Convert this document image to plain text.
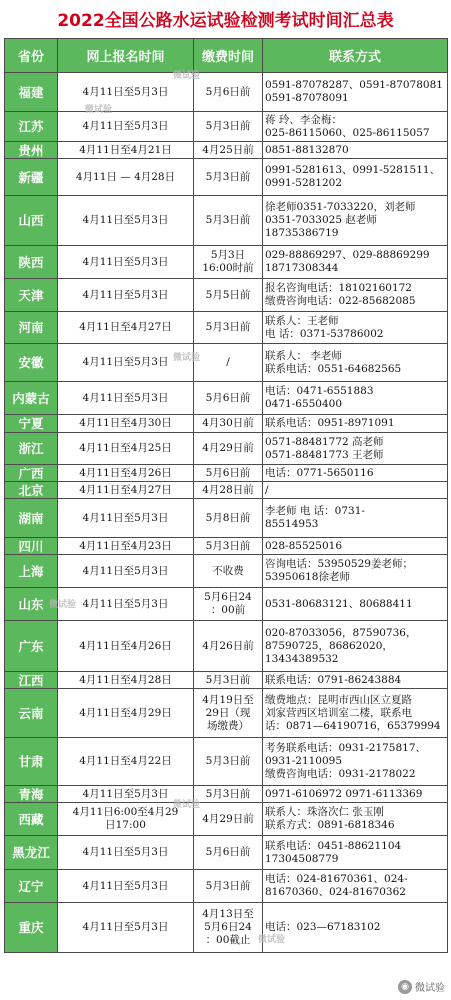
2022全国公路水运试验检测考试时间汇总表
省份	网上报名时间	缴费时间	联系方式
福建	4月11日至5月3日	5月6日前	0591-87078287、0591-87078081
0591-87078091
江苏	4月11日至5月3日	5月3日前	蒋 玲、李金梅：
025-86115060、025-86115057
贵州	4月11日至4月21日	4月25日前	0851-88132870
新疆	4月11日 — 4月28日	5月3日前	0991-5281613、0991-5281511、
0991-5281202
山西	4月11日至5月3日	5月3日前	徐老师0351-7033220，刘老师
0351-7033025 赵老师
18735386719
陕西	4月11日至5月3日	5月3日
16:00时前	029-88869297、029-88869299
18717308344
天津	4月11日至5月3日	5月5日前	报名咨询电话：18102160172
缴费咨询电话：022-85682085
河南	4月11日至4月27日	5月3日前	联系人：王老师
电 话：0371-53786002
安徽	4月11日至5月3日	/	联系人： 李老师
联系电话：0551-64682565
内蒙古	4月11日至5月3日	5月6日前	电话：0471-6551883
0471-6550400
宁夏	4月11日至4月30日	4月30日前	联系电话：0951-8971091
浙江	4月11日至4月25日	4月29日前	0571-88481772 高老师
0571-88481773 王老师
广西	4月11日至4月26日	5月6日前	电话：0771-5650116
北京	4月11日至4月27日	4月28日前	/
湖南	4月11日至5月3日	5月8日前	李老师 电 话：0731-
85514953
四川	4月11日至4月23日	5月3日前	028-85525016
上海	4月11日至5月3日	不收费	咨询电话：53950529姜老师；
53950618徐老师
山东	4月11日至5月3日	5月6日24
：00前	0531-80683121、80688411
广东	4月11日至4月26日	4月26日前	020-87033056，87590736，
87590725，86862020，
13434389532
江西	4月11日至4月28日	5月3日前	联系电话：0791-86243884
云南	4月11日至4月29日	4月19日至
29日（现
场缴费）	缴费地点：昆明市西山区立夏路
刘家营西区培训室二楼，联系电
话：0871—64190716，65379994
甘肃	4月11日至4月22日	5月3日前	考务联系电话：0931-2175817、
0931-2110095
缴费咨询电话：0931-2178022
青海	4月11日至5月3日	5月3日前	0971-6106972 0971-6113369
西藏	4月11日6:00至4月29
日17:00	4月29日前	联系人：珠洛次仁 张玉刚
联系方式：0891-6818346
黑龙江	4月11日至5月3日	5月6日前	联系电话：0451-88621104
17304508779
辽宁	4月11日至5月3日	5月3日前	电话：024-81670361、024-
81670360、024-81670362
重庆	4月11日至5月3日	4月13日至
5月6日24
：00截止	电话：023—67183102
微试验
微试验
微试验
微试验
微试验
微试验
◉ 微试验
